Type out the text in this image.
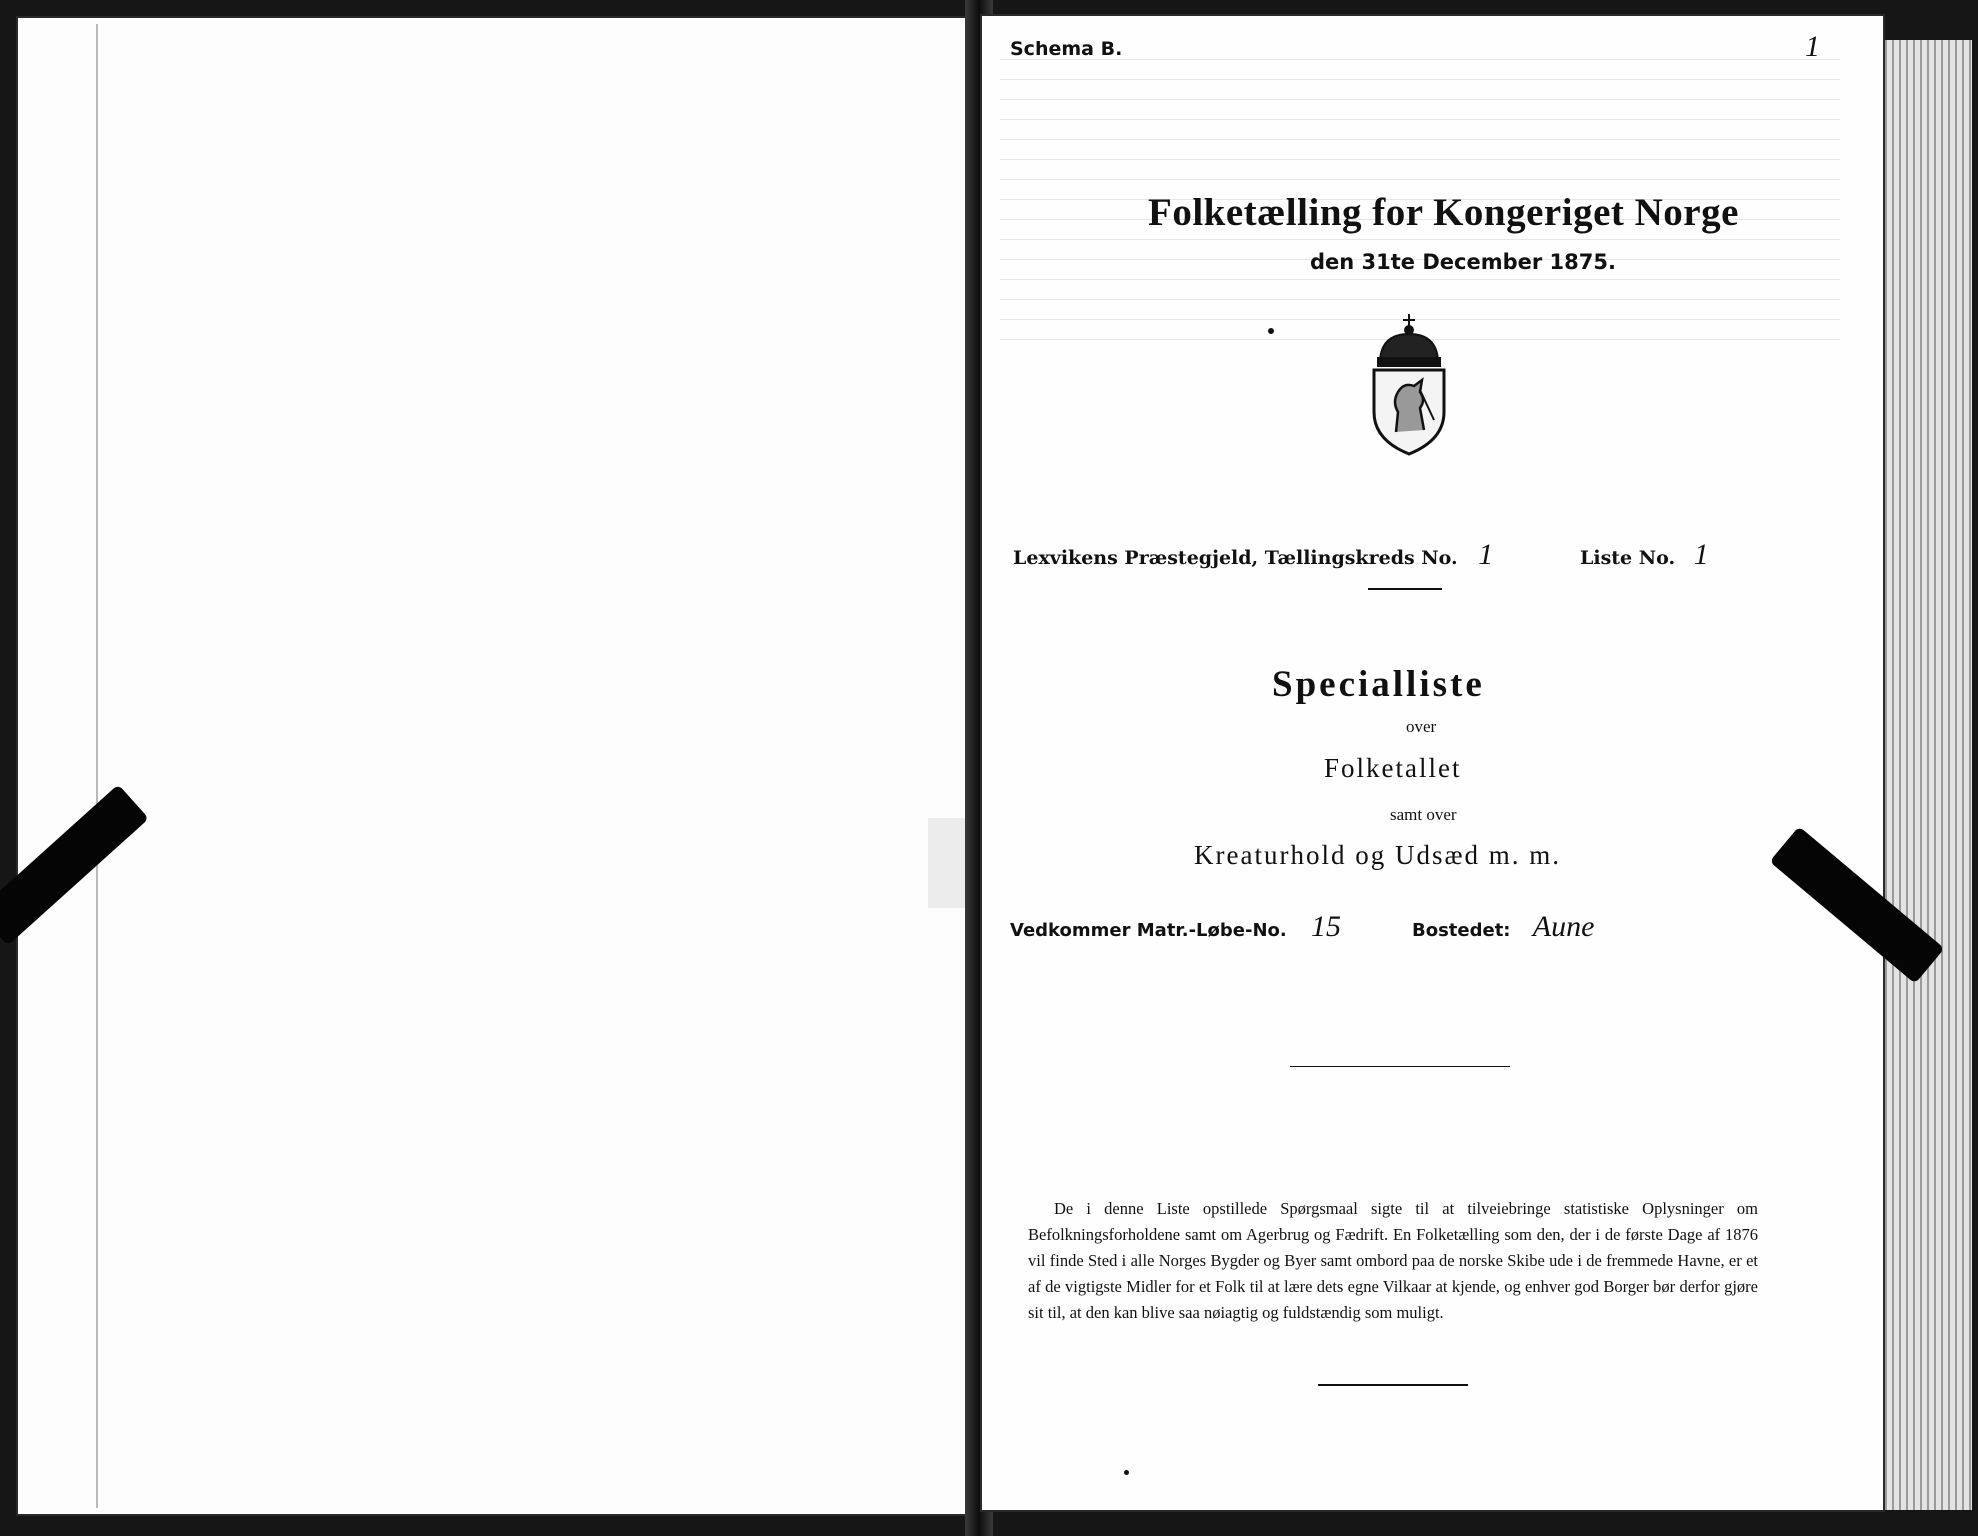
Schema B.	1
Folketælling for Kongeriget Norge
den 31te December 1875.
Lexvikens Præstegjeld, Tællingskreds No. 1	Liste No. 1
Specialliste
over
Folketallet
samt over
Kreaturhold og Udsæd m. m.
Vedkommer Matr.-Løbe-No. 15	Bostedet: Aune
De i denne Liste opstillede Spørgsmaal sigte til at tilveiebringe statistiske Oplysninger om Befolkningsforholdene samt om Agerbrug og Fædrift. En Folketælling som den, der i de første Dage af 1876 vil finde Sted i alle Norges Bygder og Byer samt ombord paa de norske Skibe ude i de fremmede Havne, er et af de vigtigste Midler for et Folk til at lære dets egne Vilkaar at kjende, og enhver god Borger bør derfor gjøre sit til, at den kan blive saa nøiagtig og fuldstændig som muligt.
